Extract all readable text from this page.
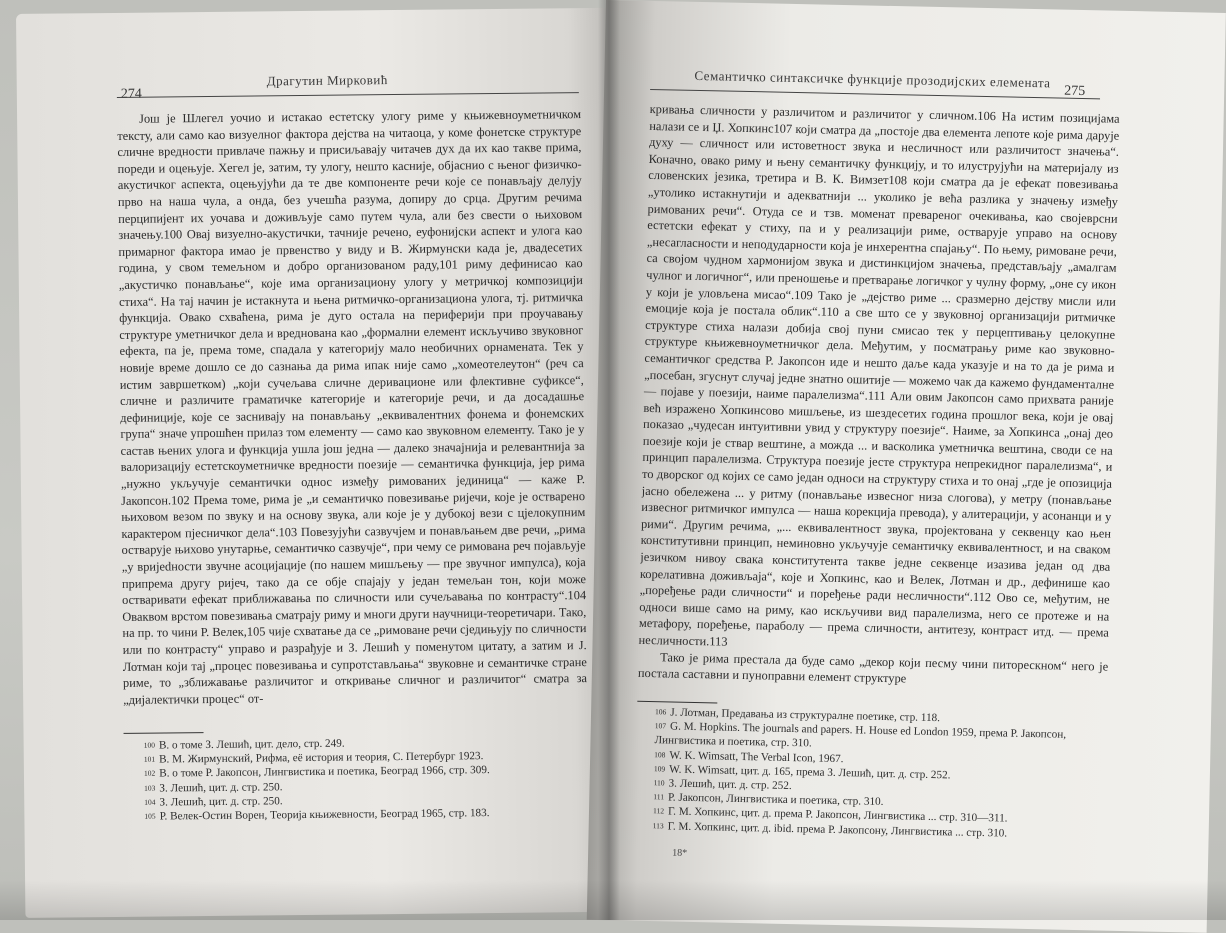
274
Драгутин Мирковић

Још је Шлегел уочио и истакао естетску улогу риме у књижевноуметничком тексту, али само као визуелног фактора дејства на читаоца, у коме фонетске структуре сличне вредности привлаче пажњу и присиљавају читачев дух да их као такве прима, пореди и оцењује. Хегел је, затим, ту улогу, нешто касније, објаснио с њеног физичко-акустичког аспекта, оцењујући да те две компоненте речи које се понављају делују прво на наша чула, а онда, без учешћа разума, допиру до срца. Другим речима перципијент их уочава и доживљује само путем чула, али без свести о њиховом значењу.100 Овај визуелно-акустички, тачније речено, еуфонијски аспект и улога као примарног фактора имао је првенство у виду и В. Жирмунски када је, двадесетих година, у свом темељном и добро организованом раду,101 риму дефинисао као „акустичко понављање“, које има организациону улогу у метричкој композицији стиха“. На тај начин је истакнута и њена ритмичко-организациона улога, тј. ритмичка функција. Овако схваћена, рима је дуго остала на периферији при проучавању структуре уметничког дела и вреднована као „формални елемент искључиво звуковног ефекта, па је, према томе, спадала у категорију мало необичних орнамената. Тек у новије време дошло се до сазнања да рима ипак није само „хомеотелеутон“ (реч са истим завршетком) „који сучељава сличне деривационе или флективне суфиксе“, сличне и различите граматичке категорије и категорије речи, и да досадашње дефиниције, које се заснивају на понављању „еквивалентних фонема и фонемских група“ значе упрошћен прилаз том елементу — само као звуковном елементу. Тако је у састав њених улога и функција ушла још једна — далеко значајнија и релевантнија за валоризацију естетскоуметничке вредности поезије — семантичка функција, јер рима „нужно укључује семантички однос између римованих јединица“ — каже Р. Јакопсон.102 Према томе, рима је „и семантичко повезивање ријечи, које је остварено њиховом везом по звуку и на основу звука, али које је у дубокој вези с цјелокупним карактером пјесничког дела“.103 Повезујући сазвучјем и понављањем две речи, „рима остварује њихово унутарње, семантичко сазвучје“, при чему се римована реч појављује „у вријedности звучне асоцијације (по нашем мишљењу — пре звучног импулса), која припрема другу ријеч, тако да се обје спајају у један темељан тон, који може остваривати ефекат приближавања по сличности или сучељавања по контрасту“.104 Оваквом врстом повезивања сматрају риму и многи други научници-теоретичари. Тако, на пр. то чини Р. Велек,105 чије схватање да се „римоване речи сједињују по сличности или по контрасту“ управо и разрађује и З. Лешић у поменутом цитату, а затим и Ј. Лотман који тај „процес повезивања и супротстављања“ звуковне и семантичке стране риме, то „зближавање различитог и откривање сличног и различитог“ сматра за „дијалектички процес“ от-

$^{100}$ В. о томе З. Лешић, цит. дело, стр. 249.
$^{101}$ В. М. Жирмунский, Рифма, её история и теория, С. Петербург 1923.
$^{102}$ В. о томе Р. Јакопсон, Лингвистика и поетика, Београд 1966, стр. 309.
$^{103}$ З. Лешић, цит. д. стр. 250.
$^{104}$ З. Лешић, цит. д. стр. 250.
$^{105}$ Р. Велек-Остин Ворен, Теорија књижевности, Београд 1965, стр. 183.
Семантичко синтаксичке функције прозодијских елемената
275

кривања сличности у различитом и различитог у сличном.106 На истим позицијама налази се и Џ. Хопкинс107 који сматра да „постоје два елемента лепоте које рима даруje духу — сличност или истоветност звука и несличност или различитост значења“. Коначно, овако риму и њену семантичку функцију, и то илуструјући на материјалу из словенских језика, третира и В. К. Вимзет108 који сматра да је ефекат повезивања „утолико истакнутији и адекватнији ... уколико је већа разлика у значењу између римованих речи“. Отуда се и тзв. моменат превареног очекивања, као својеврсни естетски ефекат у стиху, па и у реализацији риме, остварује управо на основу „несагласности и неподударности која је инхерентна спајању“. По њему, римоване речи, са својом чудном хармонијом звука и дистинкцијом значења, представљају „амалгам чулног и логичног“, или преношење и претварање логичког у чулну форму, „оне су икон у који је уловљена мисао“.109 Тако је „дејство риме ... сразмерно дејству мисли или емоције која је постала облик“.110 а све што се у звуковној организацији ритмичке структуре стиха налази добија свој пуни смисао тек у перцептивању целокупне структуре књижевноуметничког дела. Међутим, у посматрању риме као звуковно-семантичког средства Р. Јакопсон иде и нешто даље када указује и на то да је рима и „посебан, згуснут случај једне знатно ошитије — можемо чак да кажемо фундаменталне — појаве у поезији, наиме паралелизма“.111 Али овим Јакопсон само прихвата раније већ изражено Хопкинсово мишљење, из шездесетих година прошлог века, који је овај показао „чудесан интуитивни увид у структуру поезије“. Наиме, за Хопкинса „онај део поезије који је ствар вештине, а можда ... и васколика уметничка вештина, своди се на принцип паралелизма. Структура поезије јесте структура непрекидног паралелизма“, и то дворског од којих се само један односи на структуру стиха и то онај „где је опозиција јасно обележена ... у ритму (понављање извесног низа слогова), у метру (понављање извесног ритмичког импулса — наша корекција превода), у алитерацији, у асонанци и у рими“. Другим речима, „... еквивалентност звука, пројектована у секвенцу као њен конститутивни принцип, неминовно укључује семантичку еквивалентност, и на сваком језичком нивоу свака конститутента такве једне секвенце изазива један од два корелативна доживљаја“, које и Хопкинс, као и Велек, Лотман и др., дефинише као „поређење ради сличности“ и поређење ради несличности“.112 Ово се, међутим, не односи више само на риму, као искључиви вид паралелизма, него се протеже и на метафору, поређење, параболу — према сличности, антитезу, контраст итд. — према несличности.113

Тако је рима престала да буде само „декор који песму чини питорескном“ него је постала саставни и пуноправни елемент структуре

$^{106}$ Ј. Лотман, Предавања из структуралне поетике, стр. 118.
$^{107}$ G. M. Hopkins. The journals and papers. H. House ed London 1959, према Р. Јакопсон, Лингвистика и поетика, стр. 310.
$^{108}$ W. K. Wimsatt, The Verbal Icon, 1967.
$^{109}$ W. K. Wimsatt, цит. д. 165, према З. Лешић, цит. д. стр. 252.
$^{110}$ З. Лешић, цит. д. стр. 252.
$^{111}$ Р. Јакопсон, Лингвистика и поетика, стр. 310.
$^{112}$ Г. М. Хопкинс, цит. д. према Р. Јакопсон, Лингвистика ... стр. 310—311.
$^{113}$ Г. М. Хопкинс, цит. д. ibid. према Р. Јакопсону, Лингвистика ... стр. 310.
18*
